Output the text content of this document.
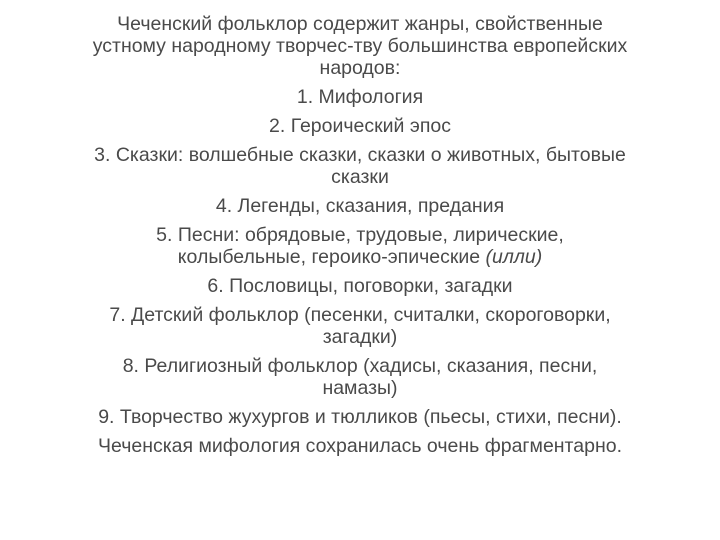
Чеченский фольклор содержит жанры, свойственные
устному народному творчес-тву большинства европейских
народов:
1. Мифология
2. Героический эпос
3. Сказки: волшебные сказки, сказки о животных, бытовые
сказки
4. Легенды, сказания, предания
5. Песни: обрядовые, трудовые, лирические,
колыбельные, героико-эпические (илли)
6. Пословицы, поговорки, загадки
7. Детский фольклор (песенки, считалки, скороговорки,
загадки)
8. Религиозный фольклор (хадисы, сказания, песни,
намазы)
9. Творчество жухургов и тюлликов (пьесы, стихи, песни).
Чеченская мифология сохранилась очень фрагментарно.
